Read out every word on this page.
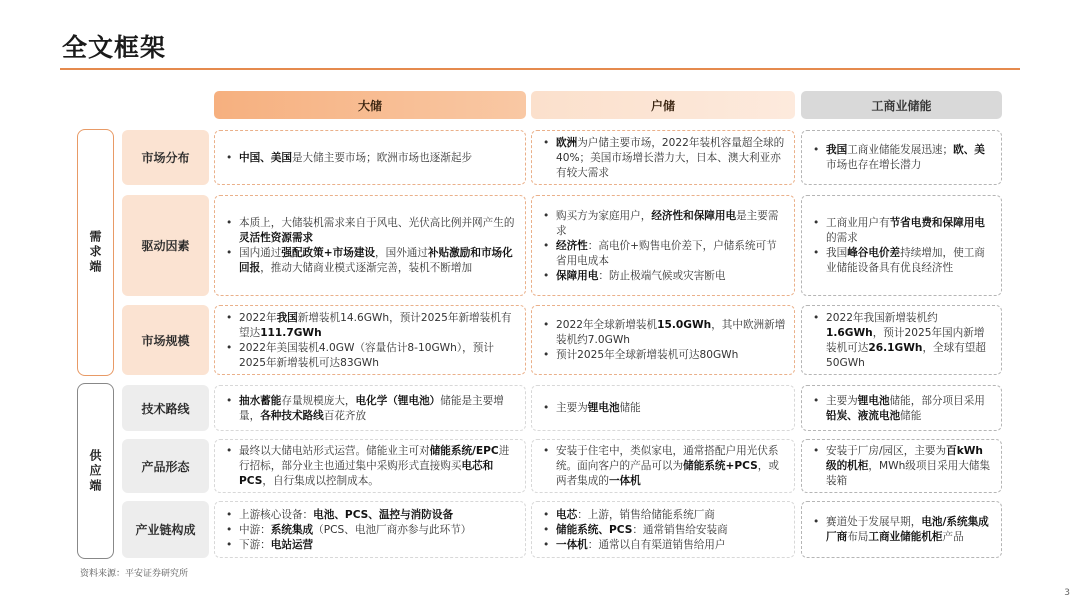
全文框架
大储	户储	工商业储能
需求端
供应端
市场分布
•	中国、美国是大储主要市场；欧洲市场也逐渐起步
• 欧洲为户储主要市场，2022年装机容量超全球的40%；美国市场增长潜力大，日本、澳大利亚亦有较大需求
• 我国工商业储能发展迅速；欧、美市场也存在增长潜力
驱动因素
• 本质上，大储装机需求来自于风电、光伏高比例并网产生的灵活性资源需求
• 国内通过强配政策+市场建设，国外通过补贴激励和市场化回报，推动大储商业模式逐渐完善，装机不断增加
• 购买方为家庭用户，经济性和保障用电是主要需求
• 经济性：高电价+购售电价差下，户储系统可节省用电成本
• 保障用电：防止极端气候或灾害断电
• 工商业用户有节省电费和保障用电的需求
• 我国峰谷电价差持续增加，使工商业储能设备具有优良经济性
市场规模
• 2022年我国新增装机14.6GWh，预计2025年新增装机有望达111.7GWh
• 2022年美国装机4.0GW（容量估计8-10GWh），预计2025年新增装机可达83GWh
• 2022年全球新增装机15.0GWh，其中欧洲新增装机约7.0GWh
• 预计2025年全球新增装机可达80GWh
• 2022年我国新增装机约1.6GWh，预计2025年国内新增装机可达26.1GWh，全球有望超50GWh
技术路线
• 抽水蓄能存量规模庞大，电化学（锂电池）储能是主要增量，各种技术路线百花齐放
• 主要为锂电池储能
• 主要为锂电池储能，部分项目采用铅炭、液流电池储能
产品形态
• 最终以大储电站形式运营。储能业主可对储能系统/EPC进行招标，部分业主也通过集中采购形式直接购买电芯和PCS，自行集成以控制成本。
• 安装于住宅中，类似家电，通常搭配户用光伏系统。面向客户的产品可以为储能系统+PCS，或两者集成的一体机
• 安装于厂房/园区，主要为百kWh级的机柜，MWh级项目采用大储集装箱
产业链构成
• 上游核心设备：电池、PCS、温控与消防设备
• 中游：系统集成（PCS、电池厂商亦参与此环节）
• 下游：电站运营
• 电芯：上游，销售给储能系统厂商
• 储能系统、PCS：通常销售给安装商
• 一体机：通常以自有渠道销售给用户
• 赛道处于发展早期，电池/系统集成厂商布局工商业储能机柜产品
资料来源：平安证券研究所
3
